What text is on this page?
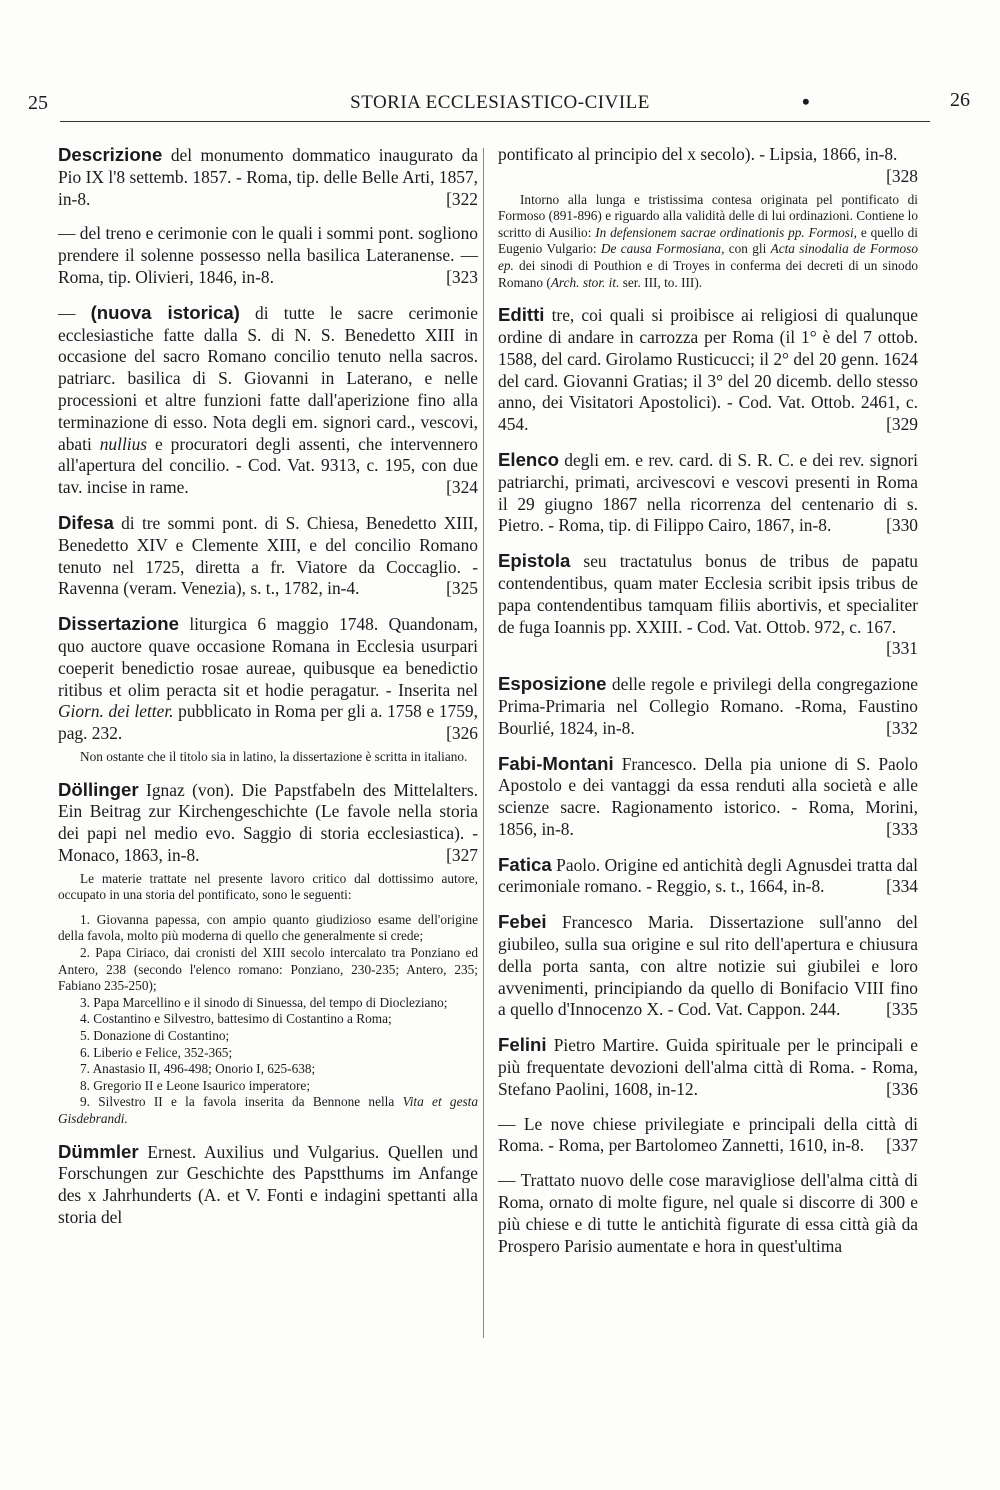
25	STORIA ECCLESIASTICO-CIVILE	•	26
Descrizione del monumento dommatico inaugurato da Pio IX l'8 settemb. 1857. - Roma, tip. delle Belle Arti, 1857, in-8.	[322
— del treno e cerimonie con le quali i sommi pont. sogliono prendere il solenne possesso nella basilica Lateranense. —Roma, tip. Olivieri, 1846, in-8.	[323
— (nuova istorica) di tutte le sacre cerimonie ecclesiastiche fatte dalla S. di N. S. Benedetto XIII in occasione del sacro Romano concilio tenuto nella sacros. patriarc. basilica di S. Giovanni in Laterano, e nelle processioni et altre funzioni fatte dall'aperizione fino alla terminazione di esso. Nota degli em. signori card., vescovi, abati nullius e procuratori degli assenti, che intervennero all'apertura del concilio. - Cod. Vat. 9313, c. 195, con due tav. incise in rame.	[324
Difesa di tre sommi pont. di S. Chiesa, Benedetto XIII, Benedetto XIV e Clemente XIII, e del concilio Romano tenuto nel 1725, diretta a fr. Viatore da Coccaglio. - Ravenna (veram. Venezia), s. t., 1782, in-4.	[325
Dissertazione liturgica 6 maggio 1748. Quandonam, quo auctore quave occasione Romana in Ecclesia usurpari coeperit benedictio rosae aureae, quibusque ea benedictio ritibus et olim peracta sit et hodie peragatur. - Inserita nel Giorn. dei letter. pubblicato in Roma per gli a. 1758 e 1759, pag. 232.	[326
Non ostante che il titolo sia in latino, la dissertazione è scritta in italiano.
Döllinger Ignaz (von). Die Papstfabeln des Mittelalters. Ein Beitrag zur Kirchengeschichte (Le favole nella storia dei papi nel medio evo. Saggio di storia ecclesiastica). - Monaco, 1863, in-8.	[327
Le materie trattate nel presente lavoro critico dal dottissimo autore, occupato in una storia del pontificato, sono le seguenti:
1. Giovanna papessa, con ampio quanto giudizioso esame dell'origine della favola, molto più moderna di quello che generalmente si crede;
2. Papa Ciriaco, dai cronisti del XIII secolo intercalato tra Ponziano ed Antero, 238 (secondo l'elenco romano: Ponziano, 230-235; Antero, 235; Fabiano 235-250);
3. Papa Marcellino e il sinodo di Sinuessa, del tempo di Diocleziano;
4. Costantino e Silvestro, battesimo di Costantino a Roma;
5. Donazione di Costantino;
6. Liberio e Felice, 352-365;
7. Anastasio II, 496-498; Onorio I, 625-638;
8. Gregorio II e Leone Isaurico imperatore;
9. Silvestro II e la favola inserita da Bennone nella Vita et gesta Gisdebrandi.
Dümmler Ernest. Auxilius und Vulgarius. Quellen und Forschungen zur Geschichte des Papstthums im Anfange des x Jahrhunderts (A. et V. Fonti e indagini spettanti alla storia del
pontificato al principio del x secolo). - Lipsia, 1866, in-8.
[328
Intorno alla lunga e tristissima contesa originata pel pontificato di Formoso (891-896) e riguardo alla validità delle di lui ordinazioni. Contiene lo scritto di Ausilio: In defensionem sacrae ordinationis pp. Formosi, e quello di Eugenio Vulgario: De causa Formosiana, con gli Acta sinodalia de Formoso ep. dei sinodi di Pouthion e di Troyes in conferma dei decreti di un sinodo Romano (Arch. stor. it. ser. III, to. III).
Editti tre, coi quali si proibisce ai religiosi di qualunque ordine di andare in carrozza per Roma (il 1° è del 7 ottob. 1588, del card. Girolamo Rusticucci; il 2° del 20 genn. 1624 del card. Giovanni Gratias; il 3° del 20 dicemb. dello stesso anno, dei Visitatori Apostolici). - Cod. Vat. Ottob. 2461, c. 454.	[329
Elenco degli em. e rev. card. di S. R. C. e dei rev. signori patriarchi, primati, arcivescovi e vescovi presenti in Roma il 29 giugno 1867 nella ricorrenza del centenario di s. Pietro. - Roma, tip. di Filippo Cairo, 1867, in-8.	[330
Epistola seu tractatulus bonus de tribus de papatu contendentibus, quam mater Ecclesia scribit ipsis tribus de papa contendentibus tamquam filiis abortivis, et specialiter de fuga Ioannis pp. XXIII. - Cod. Vat. Ottob. 972, c. 167.
[331
Esposizione delle regole e privilegi della congregazione Prima-Primaria nel Collegio Romano. -Roma, Faustino Bourlié, 1824, in-8.	[332
Fabi-Montani Francesco. Della pia unione di S. Paolo Apostolo e dei vantaggi da essa renduti alla società e alle scienze sacre. Ragionamento istorico. - Roma, Morini, 1856, in-8.	[333
Fatica Paolo. Origine ed antichità degli Agnusdei tratta dal cerimoniale romano. - Reggio, s. t., 1664, in-8.	[334
Febei Francesco Maria. Dissertazione sull'anno del giubileo, sulla sua origine e sul rito dell'apertura e chiusura della porta santa, con altre notizie sui giubilei e loro avvenimenti, principiando da quello di Bonifacio VIII fino a quello d'Innocenzo X. - Cod. Vat. Cappon. 244.	[335
Felini Pietro Martire. Guida spirituale per le principali e più frequentate devozioni dell'alma città di Roma. - Roma, Stefano Paolini, 1608, in-12.	[336
— Le nove chiese privilegiate e principali della città di Roma. - Roma, per Bartolomeo Zannetti, 1610, in-8. [337
— Trattato nuovo delle cose maravigliose dell'alma città di Roma, ornato di molte figure, nel quale si discorre di 300 e più chiese e di tutte le antichità figurate di essa città già da Prospero Parisio aumentate e hora in quest'ultima
